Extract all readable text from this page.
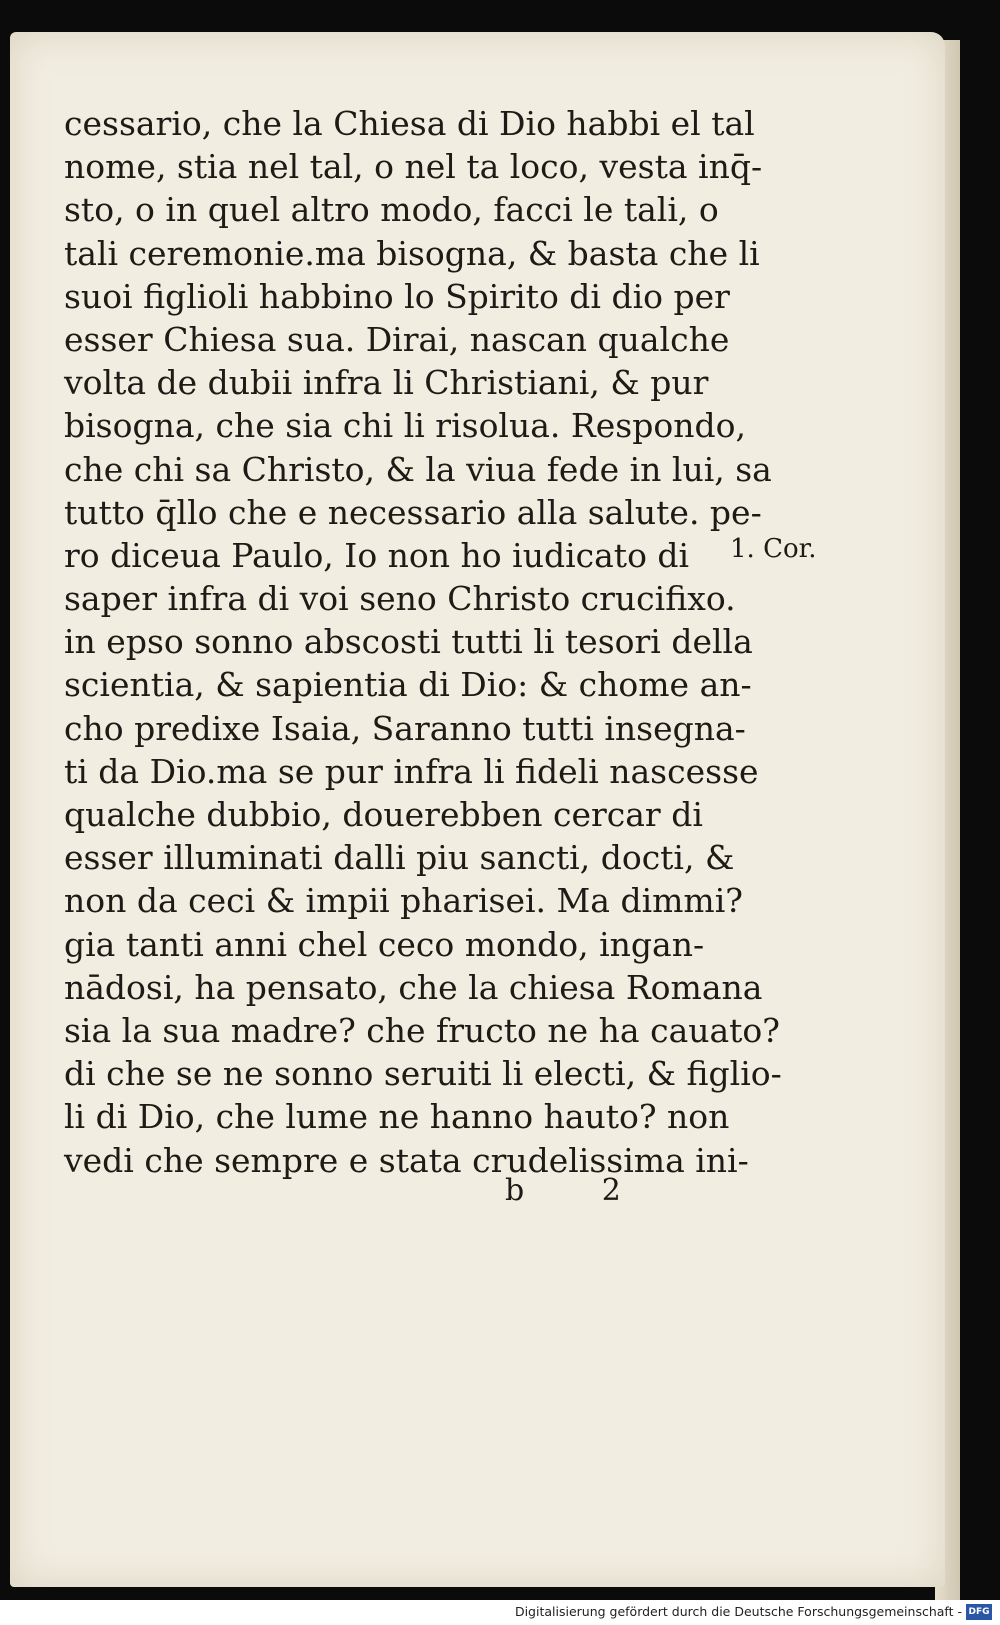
cessario, che la Chiesa di Dio habbi el tal
nome, stia nel tal, o nel ta loco, vesta inq̄-
sto, o in quel altro modo, facci le tali, o
tali ceremonie.ma bisogna, & basta che li
suoi figlioli habbino lo Spirito di dio per
esser Chiesa sua. Dirai, nascan qualche
volta de dubii infra li Christiani, & pur
bisogna, che sia chi li risolua. Respondo,
che chi sa Christo, & la viua fede in lui, sa
tutto q̄llo che e necessario alla salute. pe-
ro diceua Paulo, Io non ho iudicato di
saper infra di voi seno Christo crucifixo.
in epso sonno abscosti tutti li tesori della
scientia, & sapientia di Dio: & chome an-
cho predixe Isaia, Saranno tutti insegna-
ti da Dio.ma se pur infra li fideli nascesse
qualche dubbio, douerebben cercar di
esser illuminati dalli piu sancti, docti, &
non da ceci & impii pharisei. Ma dimmi?
gia tanti anni chel ceco mondo, ingan-
nādosi, ha pensato, che la chiesa Romana
sia la sua madre? che fructo ne ha cauato?
di che se ne sonno seruiti li electi, & figlio-
li di Dio, che lume ne hanno hauto? non
vedi che sempre e stata crudelissima ini-
1. Cor.
b 2
Digitalisierung gefördert durch die Deutsche Forschungsgemeinschaft - DFG
